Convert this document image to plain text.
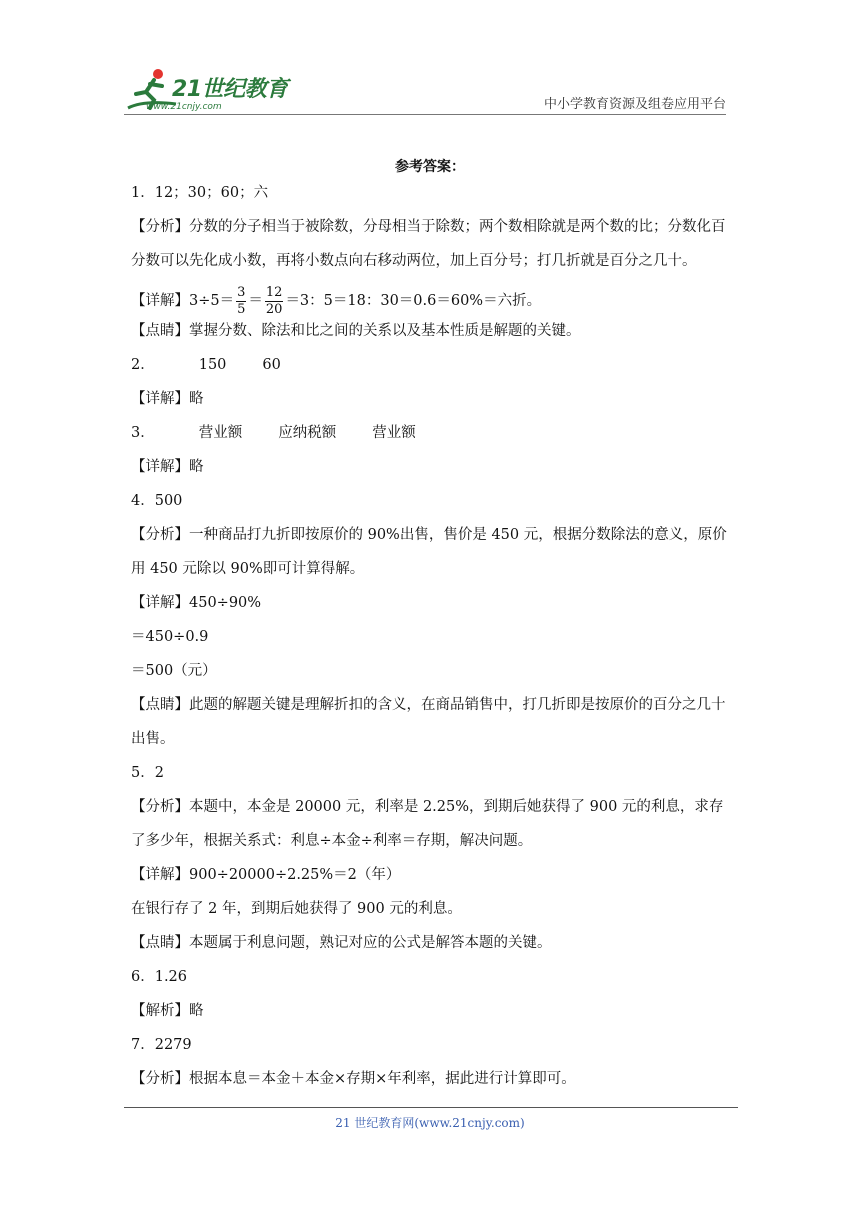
21世纪教育
www.21cnjy.com	中小学教育资源及组卷应用平台
参考答案：
1．12；30；60；六
【分析】分数的分子相当于被除数，分母相当于除数；两个数相除就是两个数的比；分数化百分数可以先化成小数，再将小数点向右移动两位，加上百分号；打几折就是百分之几十。
【详解】$3\div 5= \frac{3}{5} = \frac{12}{20} =3$：5＝18：30＝0.6＝60%＝六折。
【点睛】掌握分数、除法和比之间的关系以及基本性质是解题的关键。
2．	150 60
【详解】略
3．	营业额 应纳税额 营业额
【详解】略
4．500
【分析】一种商品打九折即按原价的 90%出售，售价是 450 元，根据分数除法的意义，原价用 450 元除以 90%即可计算得解。
【详解】450÷90%
＝450÷0.9
＝500（元）
【点睛】此题的解题关键是理解折扣的含义，在商品销售中，打几折即是按原价的百分之几十出售。
5．2
【分析】本题中，本金是 20000 元，利率是 2.25%，到期后她获得了 900 元的利息，求存了多少年，根据关系式：利息÷本金÷利率＝存期，解决问题。
【详解】900÷20000÷2.25%＝2（年）
在银行存了 2 年，到期后她获得了 900 元的利息。
【点睛】本题属于利息问题，熟记对应的公式是解答本题的关键。
6．1.26
【解析】略
7．2279
【分析】根据本息＝本金＋本金×存期×年利率，据此进行计算即可。
21 世纪教育网(www.21cnjy.com)
